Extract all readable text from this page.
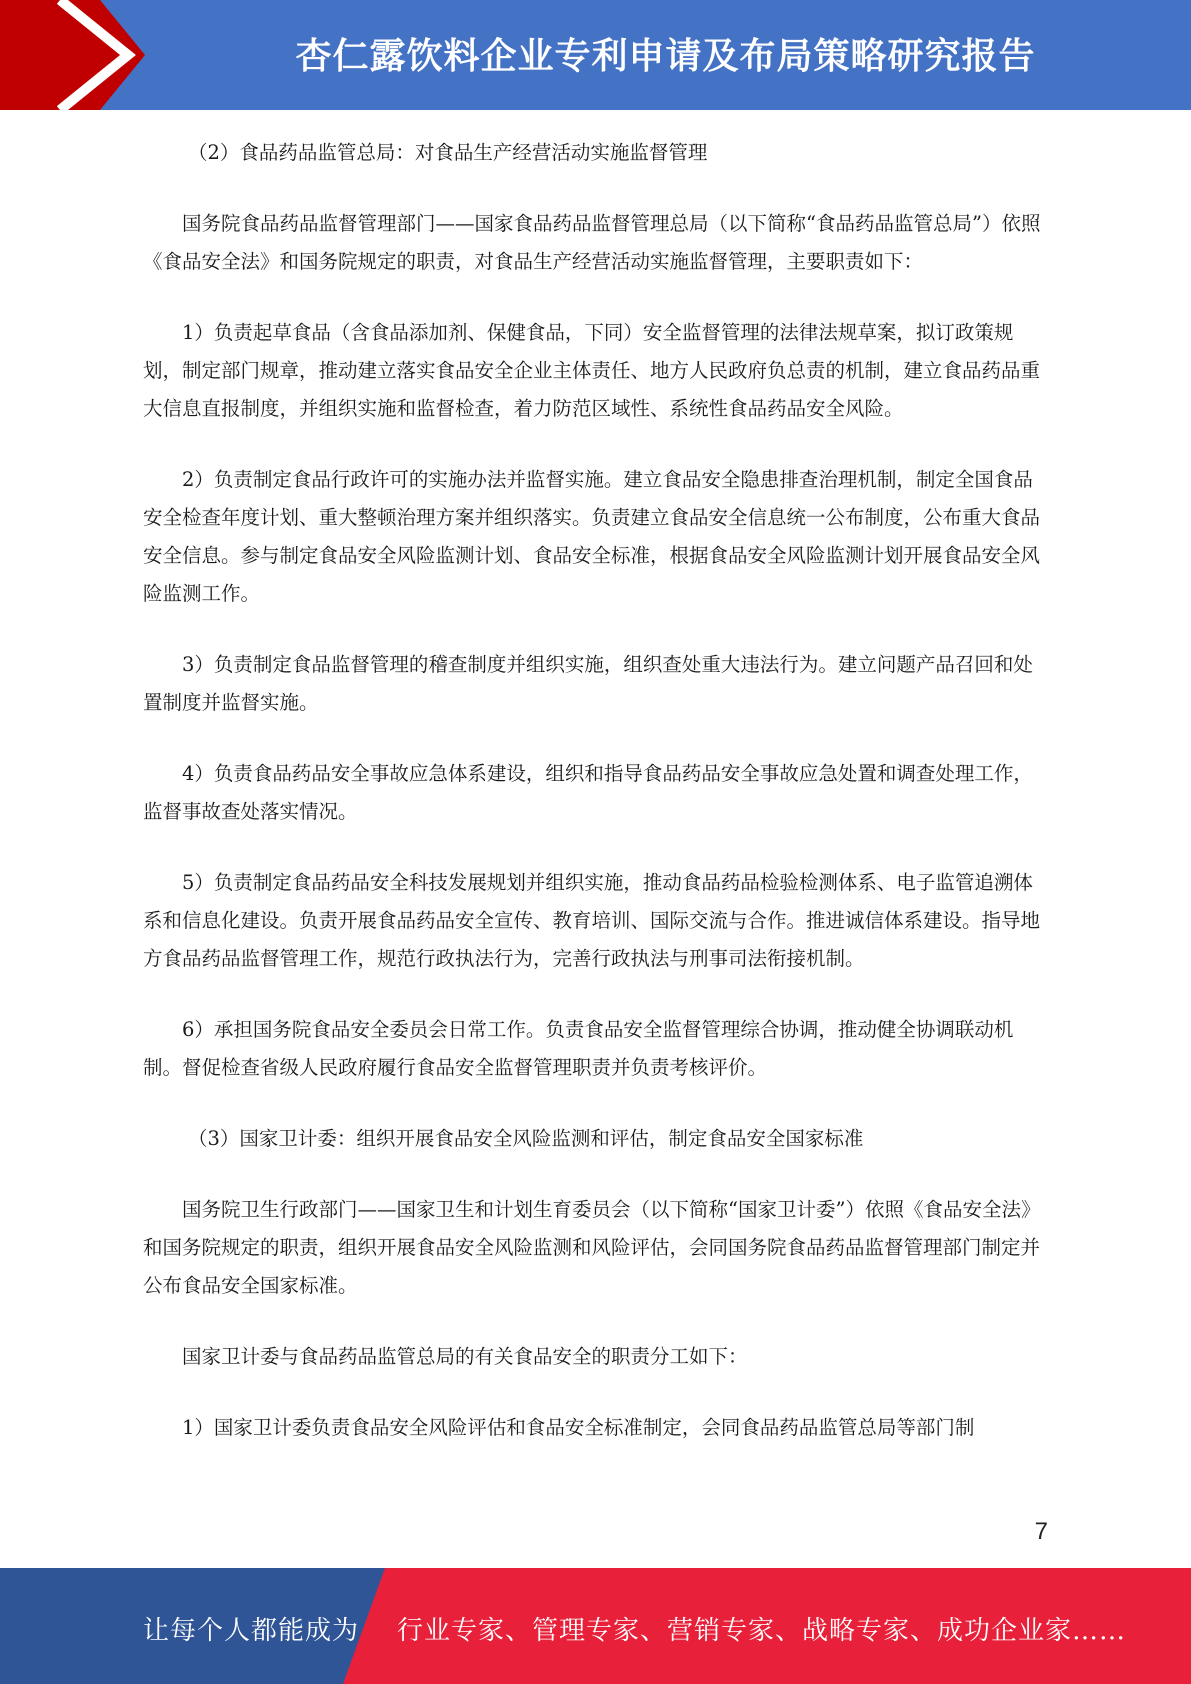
杏仁露饮料企业专利申请及布局策略研究报告

（2）食品药品监管总局：对食品生产经营活动实施监督管理

国务院食品药品监督管理部门——国家食品药品监督管理总局（以下简称“食品药品监管总局”）依照《食品安全法》和国务院规定的职责，对食品生产经营活动实施监督管理，主要职责如下：

1）负责起草食品（含食品添加剂、保健食品，下同）安全监督管理的法律法规草案，拟订政策规划，制定部门规章，推动建立落实食品安全企业主体责任、地方人民政府负总责的机制，建立食品药品重大信息直报制度，并组织实施和监督检查，着力防范区域性、系统性食品药品安全风险。

2）负责制定食品行政许可的实施办法并监督实施。建立食品安全隐患排查治理机制，制定全国食品安全检查年度计划、重大整顿治理方案并组织落实。负责建立食品安全信息统一公布制度，公布重大食品安全信息。参与制定食品安全风险监测计划、食品安全标准，根据食品安全风险监测计划开展食品安全风险监测工作。

3）负责制定食品监督管理的稽查制度并组织实施，组织查处重大违法行为。建立问题产品召回和处置制度并监督实施。

4）负责食品药品安全事故应急体系建设，组织和指导食品药品安全事故应急处置和调查处理工作，监督事故查处落实情况。

5）负责制定食品药品安全科技发展规划并组织实施，推动食品药品检验检测体系、电子监管追溯体系和信息化建设。负责开展食品药品安全宣传、教育培训、国际交流与合作。推进诚信体系建设。指导地方食品药品监督管理工作，规范行政执法行为，完善行政执法与刑事司法衔接机制。

6）承担国务院食品安全委员会日常工作。负责食品安全监督管理综合协调，推动健全协调联动机制。督促检查省级人民政府履行食品安全监督管理职责并负责考核评价。

（3）国家卫计委：组织开展食品安全风险监测和评估，制定食品安全国家标准

国务院卫生行政部门——国家卫生和计划生育委员会（以下简称“国家卫计委”）依照《食品安全法》和国务院规定的职责，组织开展食品安全风险监测和风险评估，会同国务院食品药品监督管理部门制定并公布食品安全国家标准。

国家卫计委与食品药品监管总局的有关食品安全的职责分工如下：

1）国家卫计委负责食品安全风险评估和食品安全标准制定，会同食品药品监管总局等部门制

7
让每个人都能成为 行业专家、管理专家、营销专家、战略专家、成功企业家……
